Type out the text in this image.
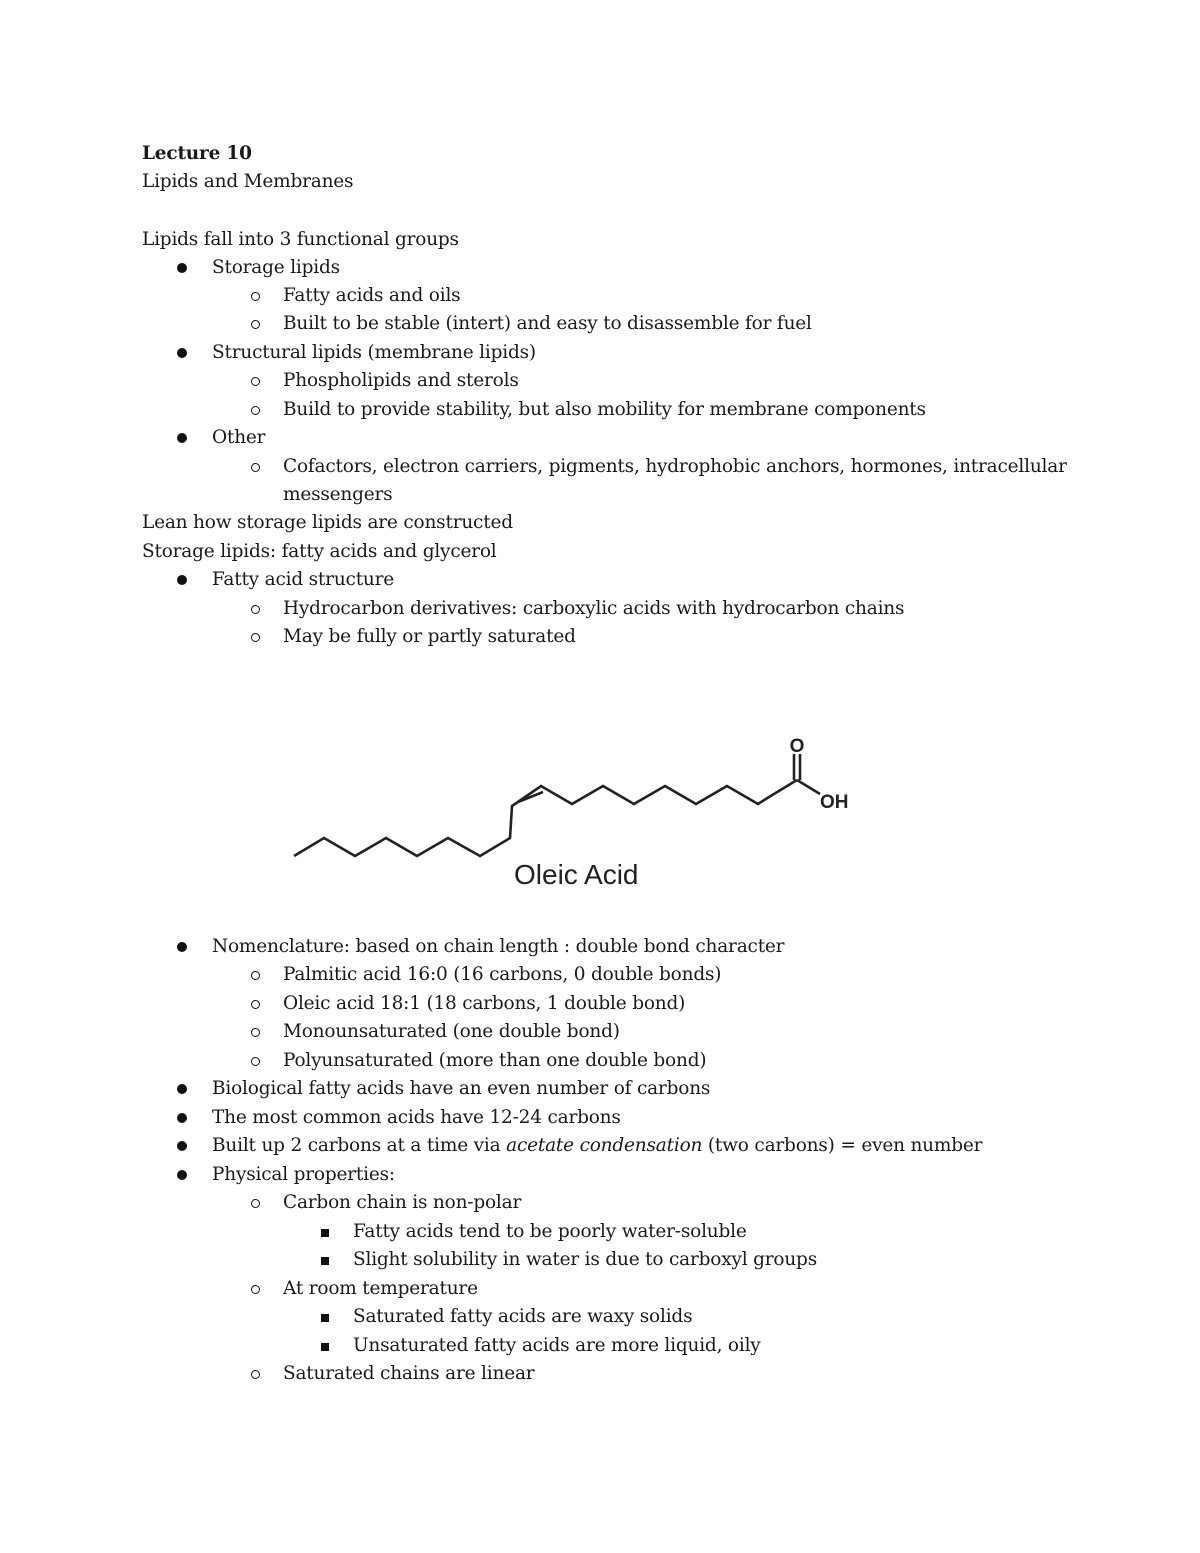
Lecture 10
Lipids and Membranes
Lipids fall into 3 functional groups
Storage lipids
Fatty acids and oils
Built to be stable (intert) and easy to disassemble for fuel
Structural lipids (membrane lipids)
Phospholipids and sterols
Build to provide stability, but also mobility for membrane components
Other
Cofactors, electron carriers, pigments, hydrophobic anchors, hormones, intracellular
messengers
Lean how storage lipids are constructed
Storage lipids: fatty acids and glycerol
Fatty acid structure
Hydrocarbon derivatives: carboxylic acids with hydrocarbon chains
May be fully or partly saturated
O
OH
Oleic Acid
Nomenclature: based on chain length : double bond character
Palmitic acid 16:0 (16 carbons, 0 double bonds)
Oleic acid 18:1 (18 carbons, 1 double bond)
Monounsaturated (one double bond)
Polyunsaturated (more than one double bond)
Biological fatty acids have an even number of carbons
The most common acids have 12-24 carbons
Built up 2 carbons at a time via acetate condensation (two carbons) = even number
Physical properties:
Carbon chain is non-polar
Fatty acids tend to be poorly water-soluble
Slight solubility in water is due to carboxyl groups
At room temperature
Saturated fatty acids are waxy solids
Unsaturated fatty acids are more liquid, oily
Saturated chains are linear
